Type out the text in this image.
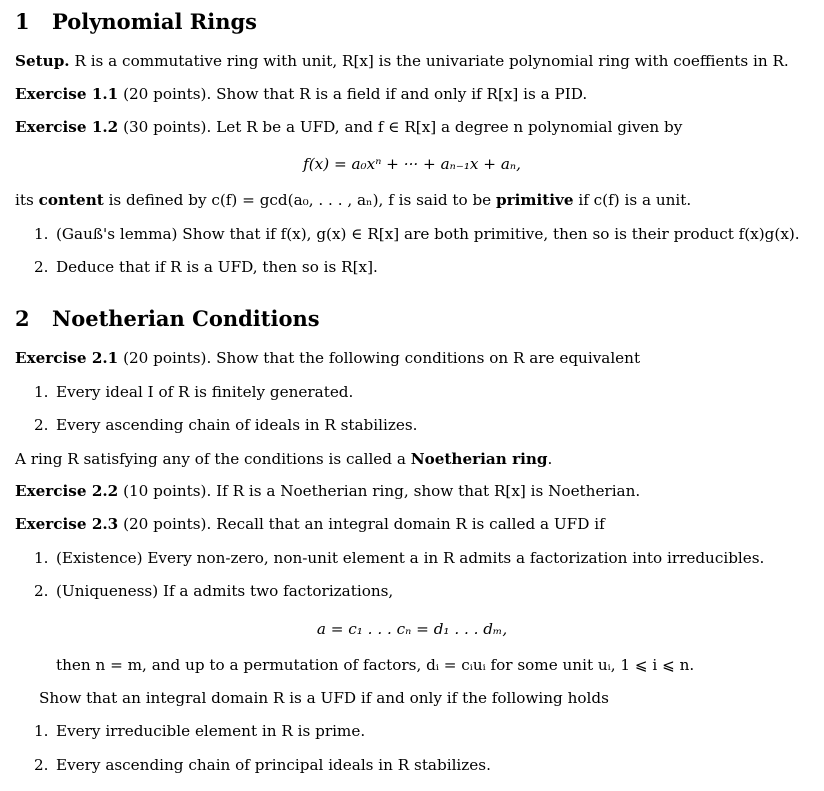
1 Polynomial Rings
Setup. R is a commutative ring with unit, R[x] is the univariate polynomial ring with coeffients in R.
Exercise 1.1 (20 points). Show that R is a field if and only if R[x] is a PID.
Exercise 1.2 (30 points). Let R be a UFD, and f ∈ R[x] a degree n polynomial given by
f(x) = a₀xⁿ + ··· + aₙ₋₁x + aₙ,
its content is defined by c(f) = gcd(a₀, . . . , aₙ), f is said to be primitive if c(f) is a unit.
1. (Gauß's lemma) Show that if f(x), g(x) ∈ R[x] are both primitive, then so is their product f(x)g(x).
2. Deduce that if R is a UFD, then so is R[x].
2 Noetherian Conditions
Exercise 2.1 (20 points). Show that the following conditions on R are equivalent
1. Every ideal I of R is finitely generated.
2. Every ascending chain of ideals in R stabilizes.
A ring R satisfying any of the conditions is called a Noetherian ring.
Exercise 2.2 (10 points). If R is a Noetherian ring, show that R[x] is Noetherian.
Exercise 2.3 (20 points). Recall that an integral domain R is called a UFD if
1. (Existence) Every non-zero, non-unit element a in R admits a factorization into irreducibles.
2. (Uniqueness) If a admits two factorizations,
a = c₁ . . . cₙ = d₁ . . . dₘ,
then n = m, and up to a permutation of factors, dᵢ = cᵢuᵢ for some unit uᵢ, 1 ⩽ i ⩽ n.
Show that an integral domain R is a UFD if and only if the following holds
1. Every irreducible element in R is prime.
2. Every ascending chain of principal ideals in R stabilizes.
